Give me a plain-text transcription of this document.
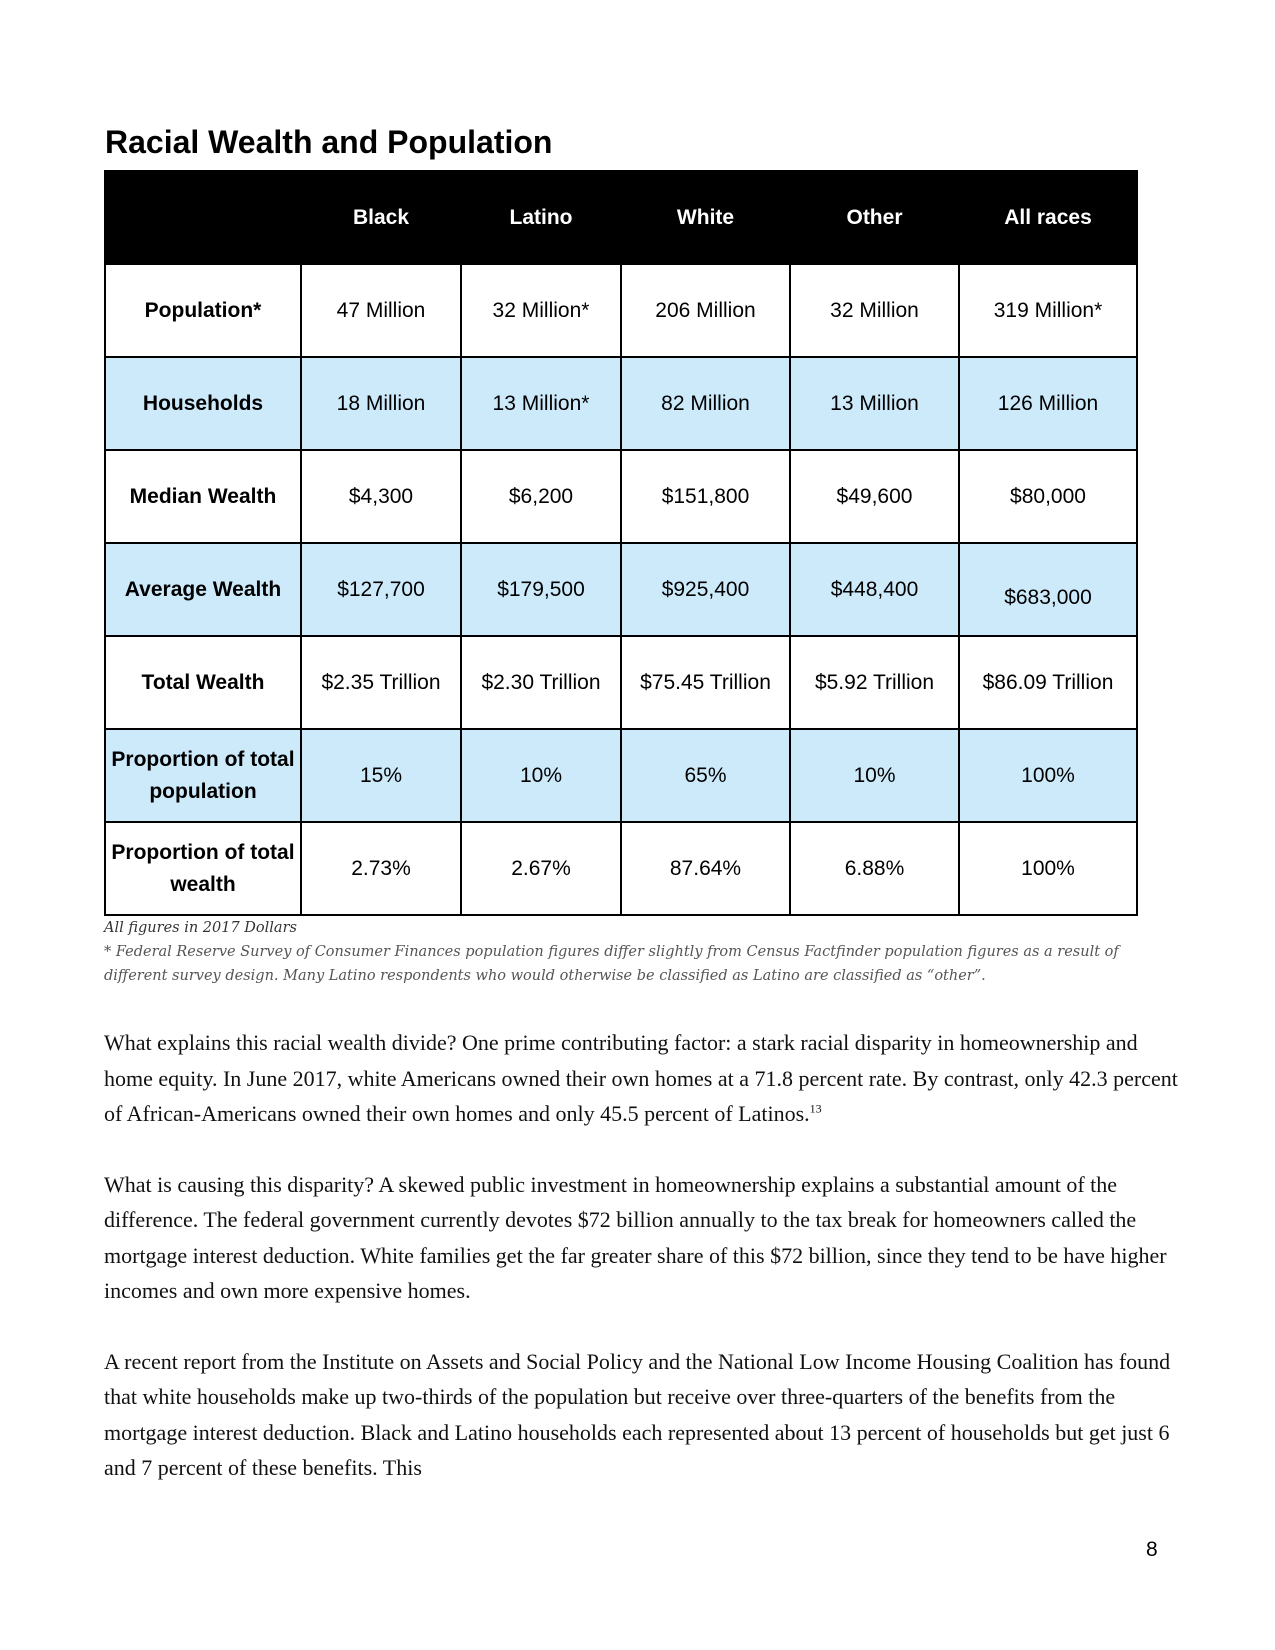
Racial Wealth and Population
	Black	Latino	White	Other	All races
Population*	47 Million	32 Million*	206 Million	32 Million	319 Million*
Households	18 Million	13 Million*	82 Million	13 Million	126 Million
Median Wealth	$4,300	$6,200	$151,800	$49,600	$80,000
Average Wealth	$127,700	$179,500	$925,400	$448,400	$683,000
Total Wealth	$2.35 Trillion	$2.30 Trillion	$75.45 Trillion	$5.92 Trillion	$86.09 Trillion
Proportion of total population	15%	10%	65%	10%	100%
Proportion of total wealth	2.73%	2.67%	87.64%	6.88%	100%
All figures in 2017 Dollars
* Federal Reserve Survey of Consumer Finances population figures differ slightly from Census Factfinder population figures as a result of different survey design. Many Latino respondents who would otherwise be classified as Latino are classified as “other”.

What explains this racial wealth divide? One prime contributing factor: a stark racial disparity in homeownership and home equity. In June 2017, white Americans owned their own homes at a 71.8 percent rate. By contrast, only 42.3 percent of African-Americans owned their own homes and only 45.5 percent of Latinos.$^{13}$

What is causing this disparity? A skewed public investment in homeownership explains a substantial amount of the difference. The federal government currently devotes $72 billion annually to the tax break for homeowners called the mortgage interest deduction. White families get the far greater share of this $72 billion, since they tend to be have higher incomes and own more expensive homes.

A recent report from the Institute on Assets and Social Policy and the National Low Income Housing Coalition has found that white households make up two-thirds of the population but receive over three-quarters of the benefits from the mortgage interest deduction. Black and Latino households each represented about 13 percent of households but get just 6 and 7 percent of these benefits. This

8
